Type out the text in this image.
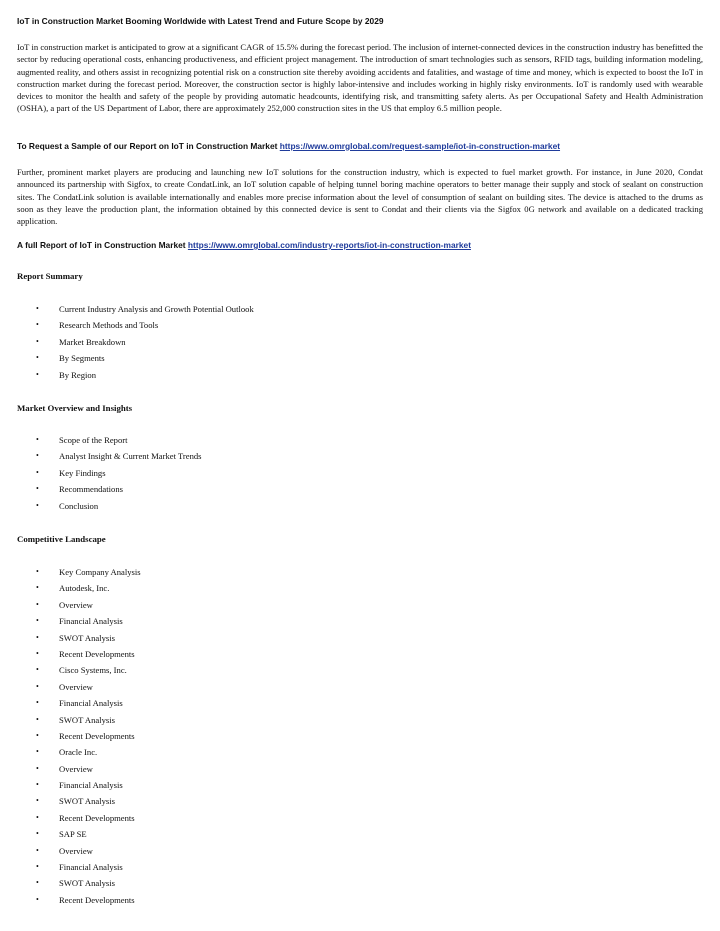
IoT in Construction Market Booming Worldwide with Latest Trend and Future Scope by 2029

IoT in construction market is anticipated to grow at a significant CAGR of 15.5% during the forecast period. The inclusion of internet-connected devices in the construction industry has benefitted the sector by reducing operational costs, enhancing productiveness, and efficient project management. The introduction of smart technologies such as sensors, RFID tags, building information modeling, augmented reality, and others assist in recognizing potential risk on a construction site thereby avoiding accidents and fatalities, and wastage of time and money, which is expected to boost the IoT in construction market during the forecast period. Moreover, the construction sector is highly labor-intensive and includes working in highly risky environments. IoT is randomly used with wearable devices to monitor the health and safety of the people by providing automatic headcounts, identifying risk, and transmitting safety alerts. As per Occupational Safety and Health Administration (OSHA), a part of the US Department of Labor, there are approximately 252,000 construction sites in the US that employ 6.5 million people.

To Request a Sample of our Report on IoT in Construction Market https://www.omrglobal.com/request-sample/iot-in-construction-market

Further, prominent market players are producing and launching new IoT solutions for the construction industry, which is expected to fuel market growth. For instance, in June 2020, Condat announced its partnership with Sigfox, to create CondatLink, an IoT solution capable of helping tunnel boring machine operators to better manage their supply and stock of sealant on construction sites. The CondatLink solution is available internationally and enables more precise information about the level of consumption of sealant on building sites. The device is attached to the drums as soon as they leave the production plant, the information obtained by this connected device is sent to Condat and their clients via the Sigfox 0G network and available on a dedicated tracking application.

A full Report of IoT in Construction Market https://www.omrglobal.com/industry-reports/iot-in-construction-market
Report Summary
• Current Industry Analysis and Growth Potential Outlook
• Research Methods and Tools
• Market Breakdown
• By Segments
• By Region
Market Overview and Insights
• Scope of the Report
• Analyst Insight & Current Market Trends
• Key Findings
• Recommendations
• Conclusion
Competitive Landscape
• Key Company Analysis
• Autodesk, Inc.
• Overview
• Financial Analysis
• SWOT Analysis
• Recent Developments
• Cisco Systems, Inc.
• Overview
• Financial Analysis
• SWOT Analysis
• Recent Developments
• Oracle Inc.
• Overview
• Financial Analysis
• SWOT Analysis
• Recent Developments
• SAP SE
• Overview
• Financial Analysis
• SWOT Analysis
• Recent Developments
